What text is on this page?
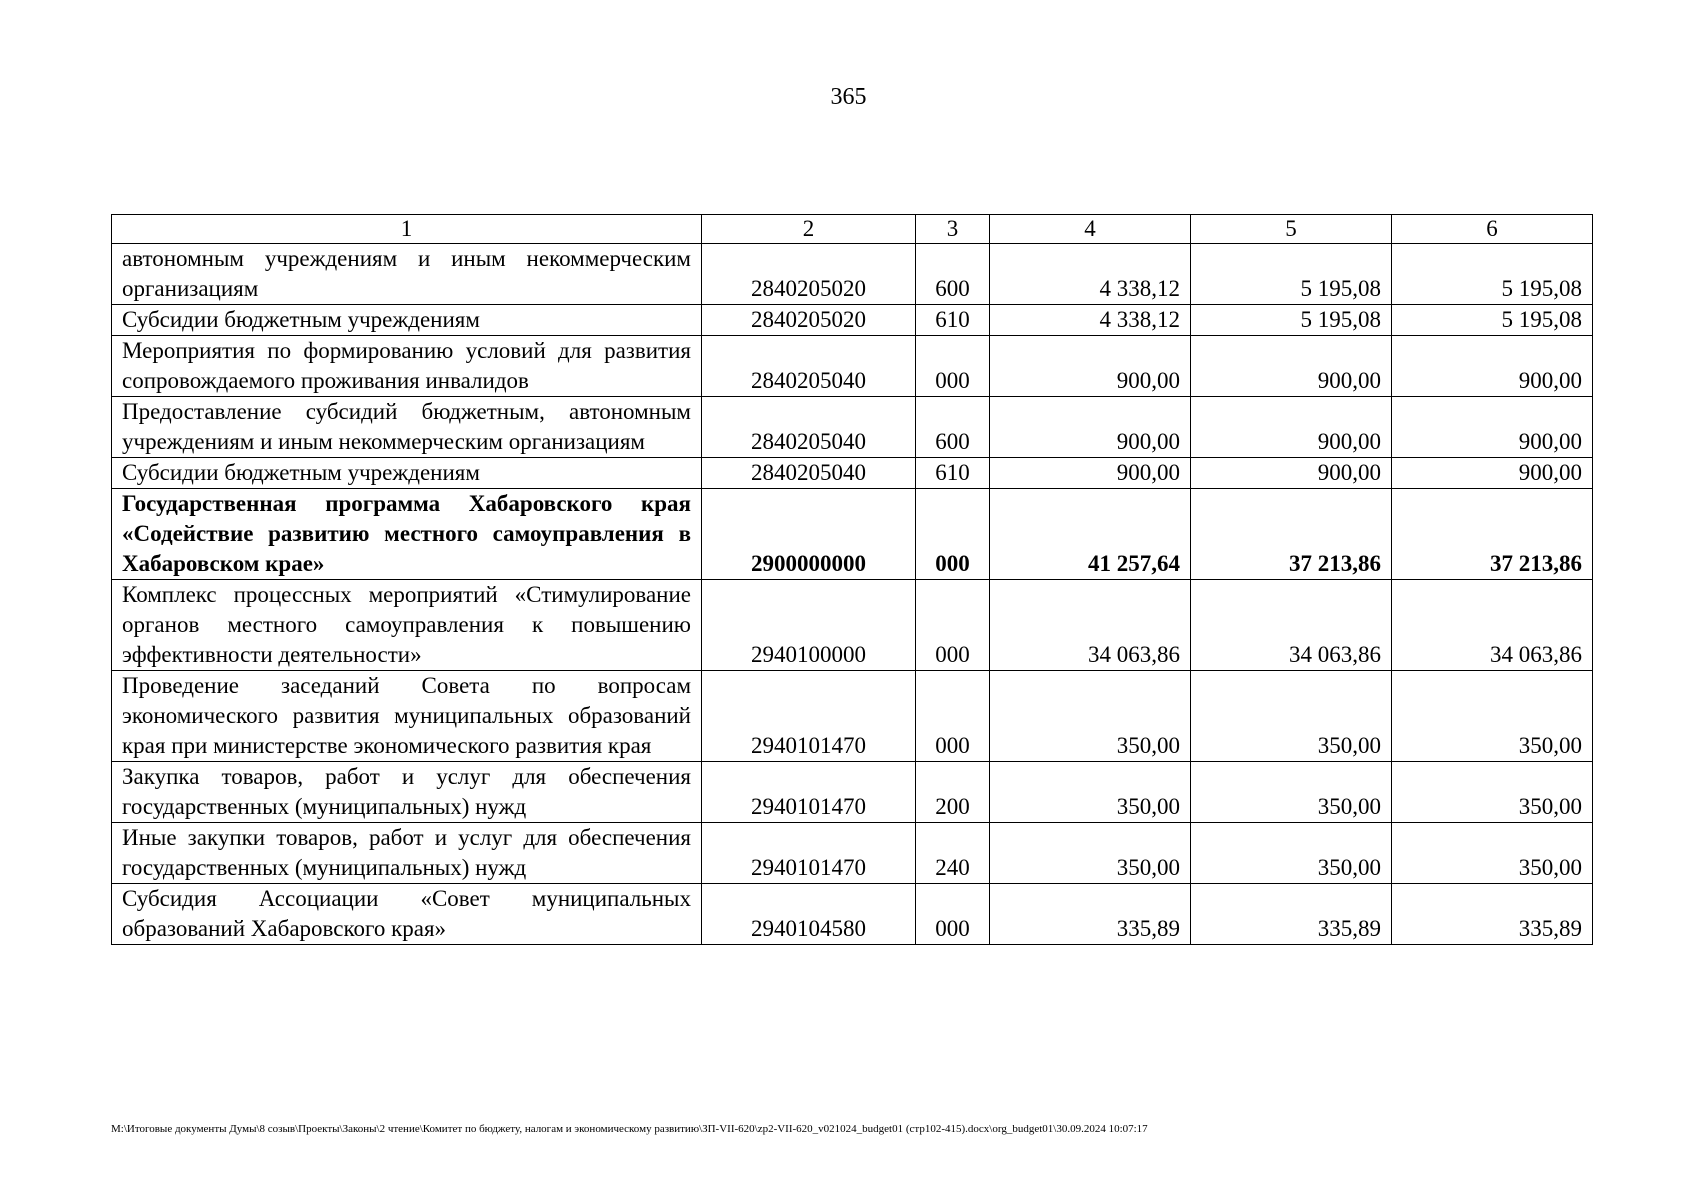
365
1	2	3	4	5	6
автономным учреждениям и иным некоммерческим организациям	2840205020	600	4 338,12	5 195,08	5 195,08
Субсидии бюджетным учреждениям	2840205020	610	4 338,12	5 195,08	5 195,08
Мероприятия по формированию условий для развития сопровождаемого проживания инвалидов	2840205040	000	900,00	900,00	900,00
Предоставление субсидий бюджетным, автономным учреждениям и иным некоммерческим организациям	2840205040	600	900,00	900,00	900,00
Субсидии бюджетным учреждениям	2840205040	610	900,00	900,00	900,00
Государственная программа Хабаровского края «Содействие развитию местного самоуправления в Хабаровском крае»	2900000000	000	41 257,64	37 213,86	37 213,86
Комплекс процессных мероприятий «Стимулирование органов местного самоуправления к повышению эффективности деятельности»	2940100000	000	34 063,86	34 063,86	34 063,86
Проведение заседаний Совета по вопросам экономического развития муниципальных образований края при министерстве экономического развития края	2940101470	000	350,00	350,00	350,00
Закупка товаров, работ и услуг для обеспечения государственных (муниципальных) нужд	2940101470	200	350,00	350,00	350,00
Иные закупки товаров, работ и услуг для обеспечения государственных (муниципальных) нужд	2940101470	240	350,00	350,00	350,00
Субсидия Ассоциации «Совет муниципальных образований Хабаровского края»	2940104580	000	335,89	335,89	335,89
M:\Итоговые документы Думы\8 созыв\Проекты\Законы\2 чтение\Комитет по бюджету, налогам и экономическому развитию\ЗП-VII-620\zp2-VII-620_v021024_budget01 (стр102-415).docx\org_budget01\30.09.2024 10:07:17
